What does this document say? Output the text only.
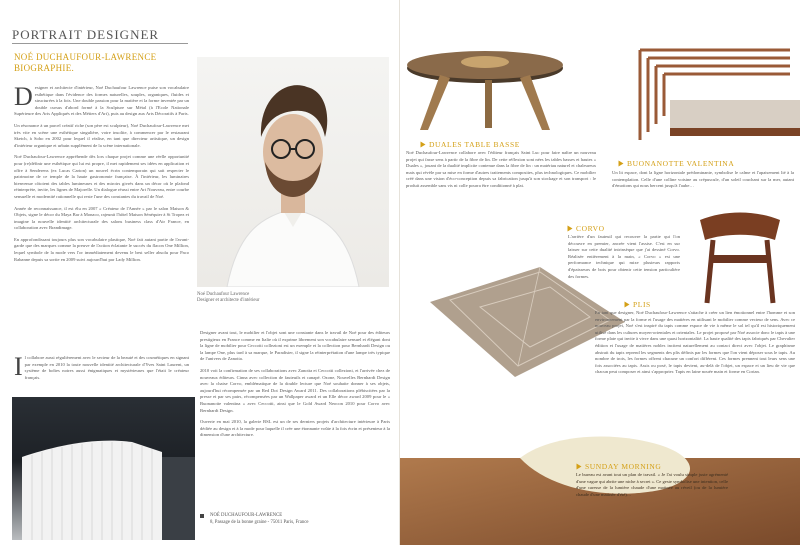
PORTRAIT DESIGNER
NOÉ DUCHAUFOUR-LAWRENCE BIOGRAPHIE.

Designer et architecte d'intérieur, Noé Duchaufour Lawrence puise son vocabulaire esthétique dans l'évidence des formes naturelles, souples, organiques, fluides et structurées à la fois. Une double passion pour la matière et la forme inventée par un double cursus d'abord formé à la Sculpture sur Métal (à l'Ecole Nationale Supérieure des Arts Appliqués et des Métiers d'Art), puis au design aux Arts Décoratifs à Paris.

Un résonance à un parcel créatif riche (son père est sculpteur), Noé Duchaufour-Lawrence met très vite en scène une esthétique singulière, voire insolite, à commencer par le restaurant Sketch, à Soho en 2002 pour lequel il réalise, en tant que directeur artistique, un design d'intérieur organique et urbain supplément de la scène internationale.

Noé Duchaufour-Lawrence appréhende dès lors chaque projet comme une réelle opportunité pour (re)définir une esthétique qui lui est propre, il met rapidement ses idées en application et offre à Senderens (ex Lucas Carton) un nouvel écrin contemporain qui sait respecter le patrimoine de ce temple de la haute gastronomie française. À l'intérieur, les luminaires bienvenue côtoient des tables lumineuses et des miroirs givrés dans un décor où le plafond réinterprète, invite, les lignes de Majorelle. Un dialogue réussi entre Art Nouveau, entre courbe sensuelle et modernité rationnelle qui reste l'une des constantes du travail de Noé.

Année de reconnaissance, il est élu en 2007 « Créateur de l'Année » par le salon Maison & Objets, signe le décor du Maya Bar à Monaco, rajeunit l'hôtel Maison Sénéquier à St Tropez et imagine la nouvelle identité architecturale des salons business class d'Air France, en collaboration avec Brandimage.

En approfondissant toujours plus son vocabulaire plastique, Noé fait autant partie de l'avant-garde que des marques comme la preuve de l'action éclatante le succès du flacon One Million, lequel symbole de la mode vers l'or immédiatement devenu le best seller absolu pour Paco Rabanne depuis sa sortie en 2009 suivi aujourd'hui par Lady Million.

Il collabore aussi régulièrement avec le secteur de la beauté et des cosmétiques en signant par exemple en 2010 la toute nouvelle identité architecturale d'Yves Saint Laurent, un système de boîtes noires aussi énigmatiques et mystérieuses que l'était le créateur français.

Noé Duchaufour Lawrence
Designer et architecte d'intérieur

Designer avant tout, le mobilier et l'objet sont une constante dans le travail de Noé pour des éditeurs prestigieux en France comme en Italie où il exprime librement son vocabulaire sensuel et élégant dont la ligne de mobilier pour Ceccotti collezioni est un exemple et la collection pour Bernhardt Design ou la lampe One, plus tard à sa marque, le Paradisier, il signe la réinterprétation d'une lampe très typique de l'univers de Zanotta.

2010 voit la confirmation de ses collaborations avec Zanotta et Ceccotti collezioni, et l'arrivée chez de nouveaux éditeurs. Cinna avec collection de fauteuils et canapé. Ozone, Nouvelles Bernhardt Design avec la chaise Corvo, emblématique de la double lecture que Noé souhaite donner à ses objets, aujourd'hui récompensée par un Red Dot Design Award 2011. Des collaborations plébiscitées par la presse et par ses pairs, récompensées par un Wallpaper award et un Elle décor award 2009 pour le « Buonanotte valentina » avec Ceccotti, ainsi que le Gold Award Neocon 2010 pour Corvo avec Bernhardt Design.

Ouverte en mai 2010, la galerie BSL est un de ses derniers projets d'architecture intérieure à Paris dédiée au design et à la mode pour laquelle il crée une étonnante voûte à la fois écrin et présenteur à la dimension d'une architecture.

NOÉ DUCHAUFOUR-LAWRENCE
8, Passage de la bonne graine - 75011 Paris, France
DUALES TABLE BASSE
Noé Duchaufour-Lawrence collabore avec l'éditeur français Saint Luc pour faire naître un nouveau projet qui fasse sens à partir de la fibre de lin. De cette réflexion sont nées les tables basses et hautes « Duales », jouant de la dualité implicite contenue dans la fibre de lin : un matériau naturel et chaleureux mais qui révèle par sa mise en forme d'autres traitements composites, plus technologiques. Ce mobilier créé dans une vision d'éco-conception depuis sa fabrication jusqu'à son stockage et son transport : le produit assemble sans vis ni colle pourra être conditionné à plat.
BUONANOTTE VALENTINA
Un lit espace, dont la ligne horizontale prédominante, symbolise le calme et l'apaisement lié à la contemplation. Celle d'une colline voisine au crépuscule, d'un soleil couchant sur la mer, autant d'émotions qui nous bercent jusqu'à l'aube…
CORVO
L'arrière d'un fauteuil qui recouvre la partie qui l'on découvre en premier, ancrée vient l'assise. C'est en sur laisser sur cette dualité intrinsèque que j'ai dessiné Corvo. Réalisée entièrement à la main, « Corvo » est une performance technique qui mixe plusieurs rapports d'épaisseurs de bois pour obtenir cette tension particulière des formes.
PLIS
En tant que designer, Noé Duchaufour-Lawrence s'attache à créer un lien émotionnel entre l'homme et son environnement par la forme et l'usage des matières en utilisant le mobilier comme vecteur de sens. Avec ce nouveau projet, Noé s'est inspiré du tapis comme espace de vie à même le sol tel qu'il est historiquement utilisé dans les cultures moyen-orientales et orientales. Le projet proposé par Noé associe donc le tapis à une forme plate qui invite à vivre dans une quasi horizontalité. La haute qualité des tapis fabriqués par Chevalier édition et l'usage de matières nobles incitent naturellement au contact direct avec l'objet. Le graphisme abstrait du tapis reprend les segments des plis définis par les formes que l'on vient déposer sous le tapis. Au nombre de trois, les formes offrent chacune un confort différent. Ces formes prennent tout leurs sens une fois associées au tapis. Assis ou posé, le tapis devient, au-delà de l'objet, un espace et un lieu de vie que chacun peut composer et ainsi s'approprier. Tapis en laine nouée main et forme en Corian.
SUNDAY MORNING
Le bureau est avant tout un plan de travail. « Je l'ai voulu simple juste agrémenté d'une vague qui abrite une niche à secret ». Ce geste symbolise une intention, celle d'une caresse de la lumière chaude d'une matinée au réveil (ou de la lumière chaude d'une matinée d'été)…
